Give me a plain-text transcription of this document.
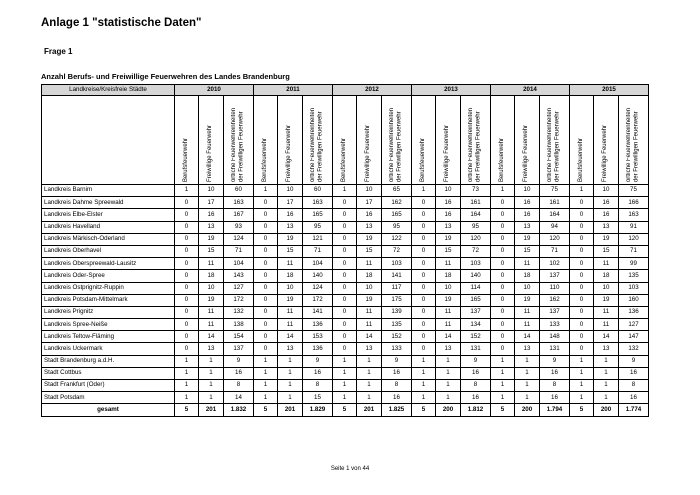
Anlage 1 "statistische Daten"
Frage 1
Anzahl Berufs- und Freiwillige Feuerwehren des Landes Brandenburg
Landkreise/Kreisfreie Städte	2010			2011			2012			2013			2014			2015		
	Berufsfeuerwehr	Freiwillige Feuerwehr	örtliche Feuerwehreinheiten der Freiwilligen Feuerwehr	Berufsfeuerwehr	Freiwillige Feuerwehr	örtliche Feuerwehreinheiten der Freiwilligen Feuerwehr	Berufsfeuerwehr	Freiwillige Feuerwehr	örtliche Feuerwehreinheiten der Freiwilligen Feuerwehr	Berufsfeuerwehr	Freiwillige Feuerwehr	örtliche Feuerwehreinheiten der Freiwilligen Feuerwehr	Berufsfeuerwehr	Freiwillige Feuerwehr	örtliche Feuerwehreinheiten der Freiwilligen Feuerwehr	Berufsfeuerwehr	Freiwillige Feuerwehr	örtliche Feuerwehreinheiten der Freiwilligen Feuerwehr

Landkreis Barnim	1	10	60	1	10	60	1	10	65	1	10	73	1	10	75	1	10	75
Landkreis Dahme Spreewald	0	17	163	0	17	163	0	17	162	0	16	161	0	16	161	0	16	166
Landkreis Elbe-Elster	0	16	167	0	16	165	0	16	165	0	16	164	0	16	164	0	16	163
Landkreis Havelland	0	13	93	0	13	95	0	13	95	0	13	95	0	13	94	0	13	91
Landkreis Märkisch-Oderland	0	19	124	0	19	121	0	19	122	0	19	120	0	19	120	0	19	120
Landkreis Oberhavel	0	15	71	0	15	71	0	15	72	0	15	72	0	15	71	0	15	71
Landkreis Oberspreewald-Lausitz	0	11	104	0	11	104	0	11	103	0	11	103	0	11	102	0	11	99
Landkreis Oder-Spree	0	18	143	0	18	140	0	18	141	0	18	140	0	18	137	0	18	135
Landkreis Ostprignitz-Ruppin	0	10	127	0	10	124	0	10	117	0	10	114	0	10	110	0	10	103
Landkreis Potsdam-Mittelmark	0	19	172	0	19	172	0	19	175	0	19	165	0	19	162	0	19	160
Landkreis Prignitz	0	11	132	0	11	141	0	11	139	0	11	137	0	11	137	0	11	136
Landkreis Spree-Neiße	0	11	138	0	11	136	0	11	135	0	11	134	0	11	133	0	11	127
Landkreis Teltow-Fläming	0	14	154	0	14	153	0	14	152	0	14	152	0	14	148	0	14	147
Landkreis Uckermark	0	13	137	0	13	136	0	13	133	0	13	131	0	13	131	0	13	132
Stadt Brandenburg a.d.H.	1	1	9	1	1	9	1	1	9	1	1	9	1	1	9	1	1	9
Stadt Cottbus	1	1	16	1	1	16	1	1	16	1	1	16	1	1	16	1	1	16
Stadt Frankfurt (Oder)	1	1	8	1	1	8	1	1	8	1	1	8	1	1	8	1	1	8
Stadt Potsdam	1	1	14	1	1	15	1	1	16	1	1	16	1	1	16	1	1	16
gesamt	5	201	1.832	5	201	1.829	5	201	1.825	5	200	1.812	5	200	1.794	5	200	1.774
Seite 1 von 44
